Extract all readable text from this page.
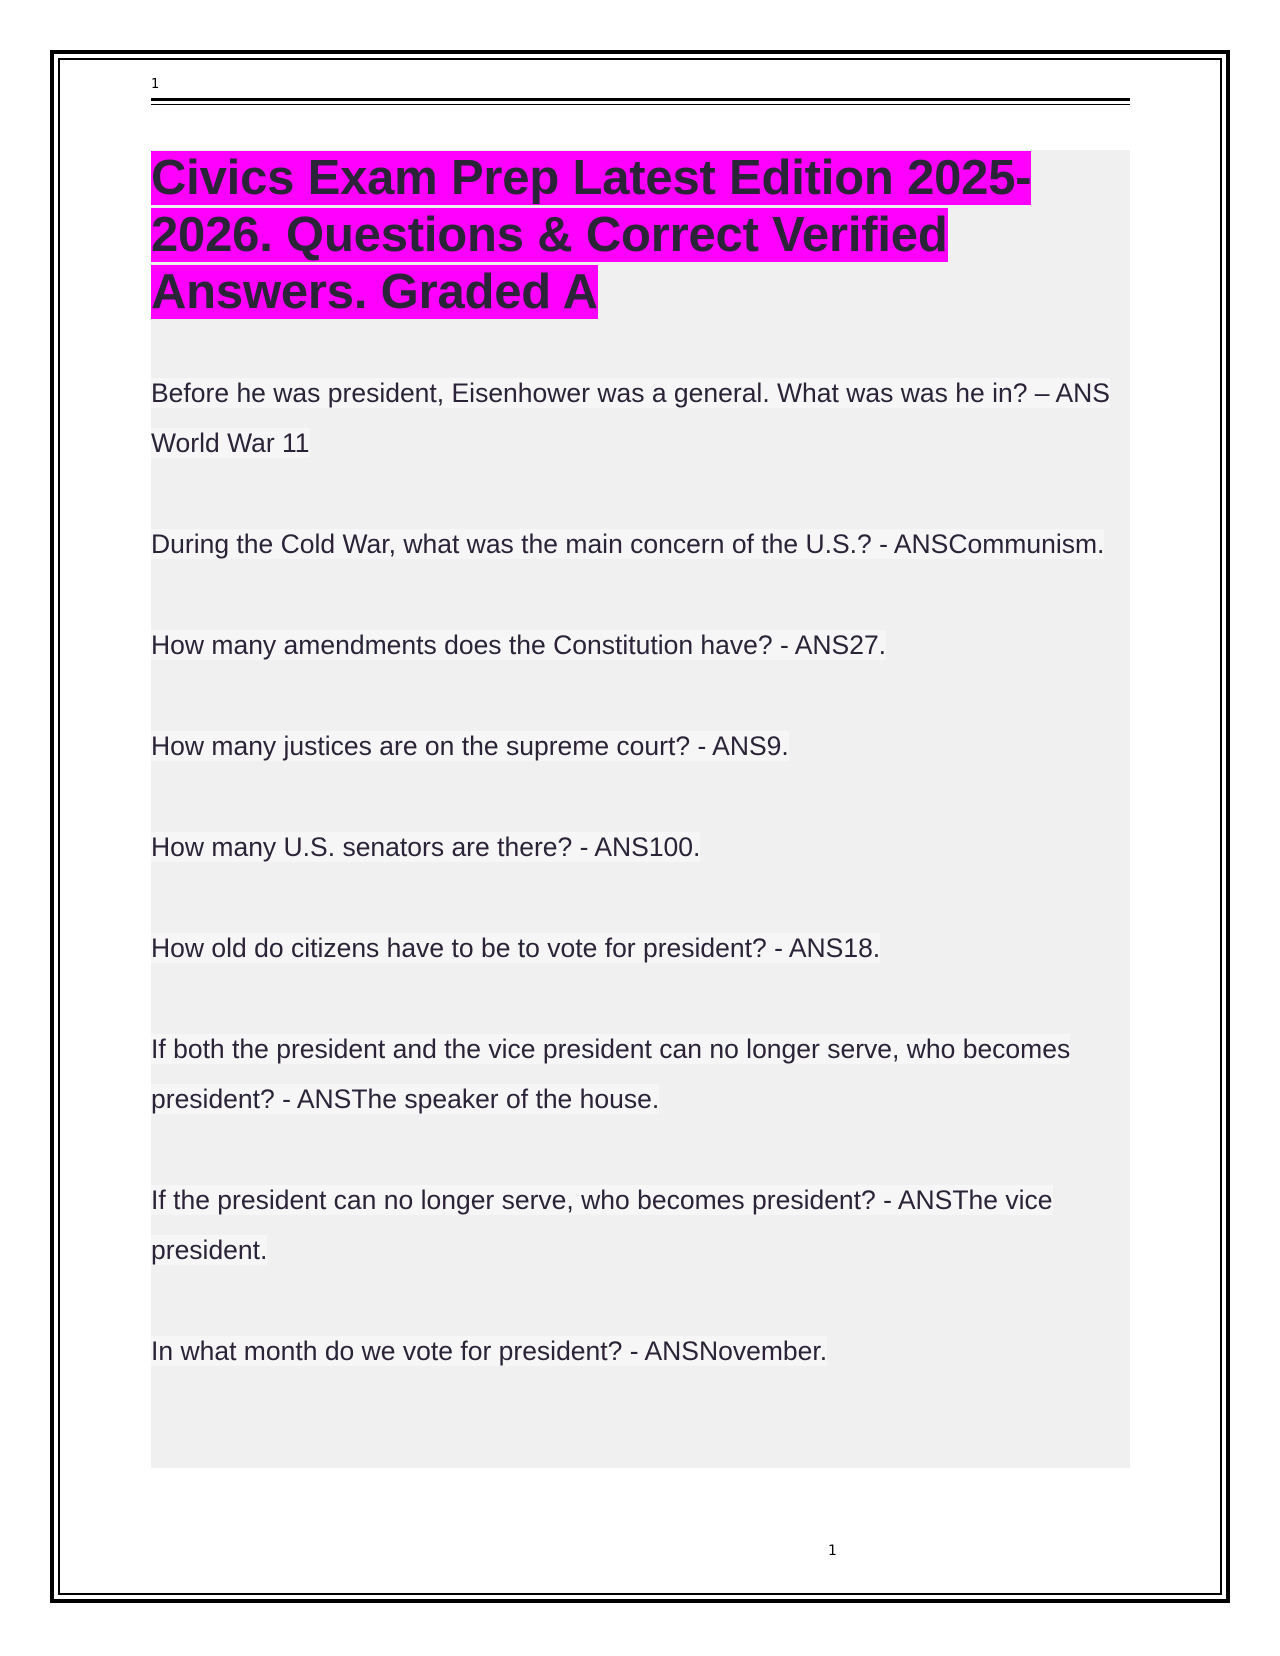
1
Civics Exam Prep Latest Edition 2025-2026. Questions & Correct Verified Answers. Graded A

Before he was president, Eisenhower was a general. What was was he in? – ANS World War 11

During the Cold War, what was the main concern of the U.S.? - ANSCommunism.

How many amendments does the Constitution have? - ANS27.

How many justices are on the supreme court? - ANS9.

How many U.S. senators are there? - ANS100.

How old do citizens have to be to vote for president? - ANS18.

If both the president and the vice president can no longer serve, who becomes president? - ANSThe speaker of the house.

If the president can no longer serve, who becomes president? - ANSThe vice president.

In what month do we vote for president? - ANSNovember.

1
